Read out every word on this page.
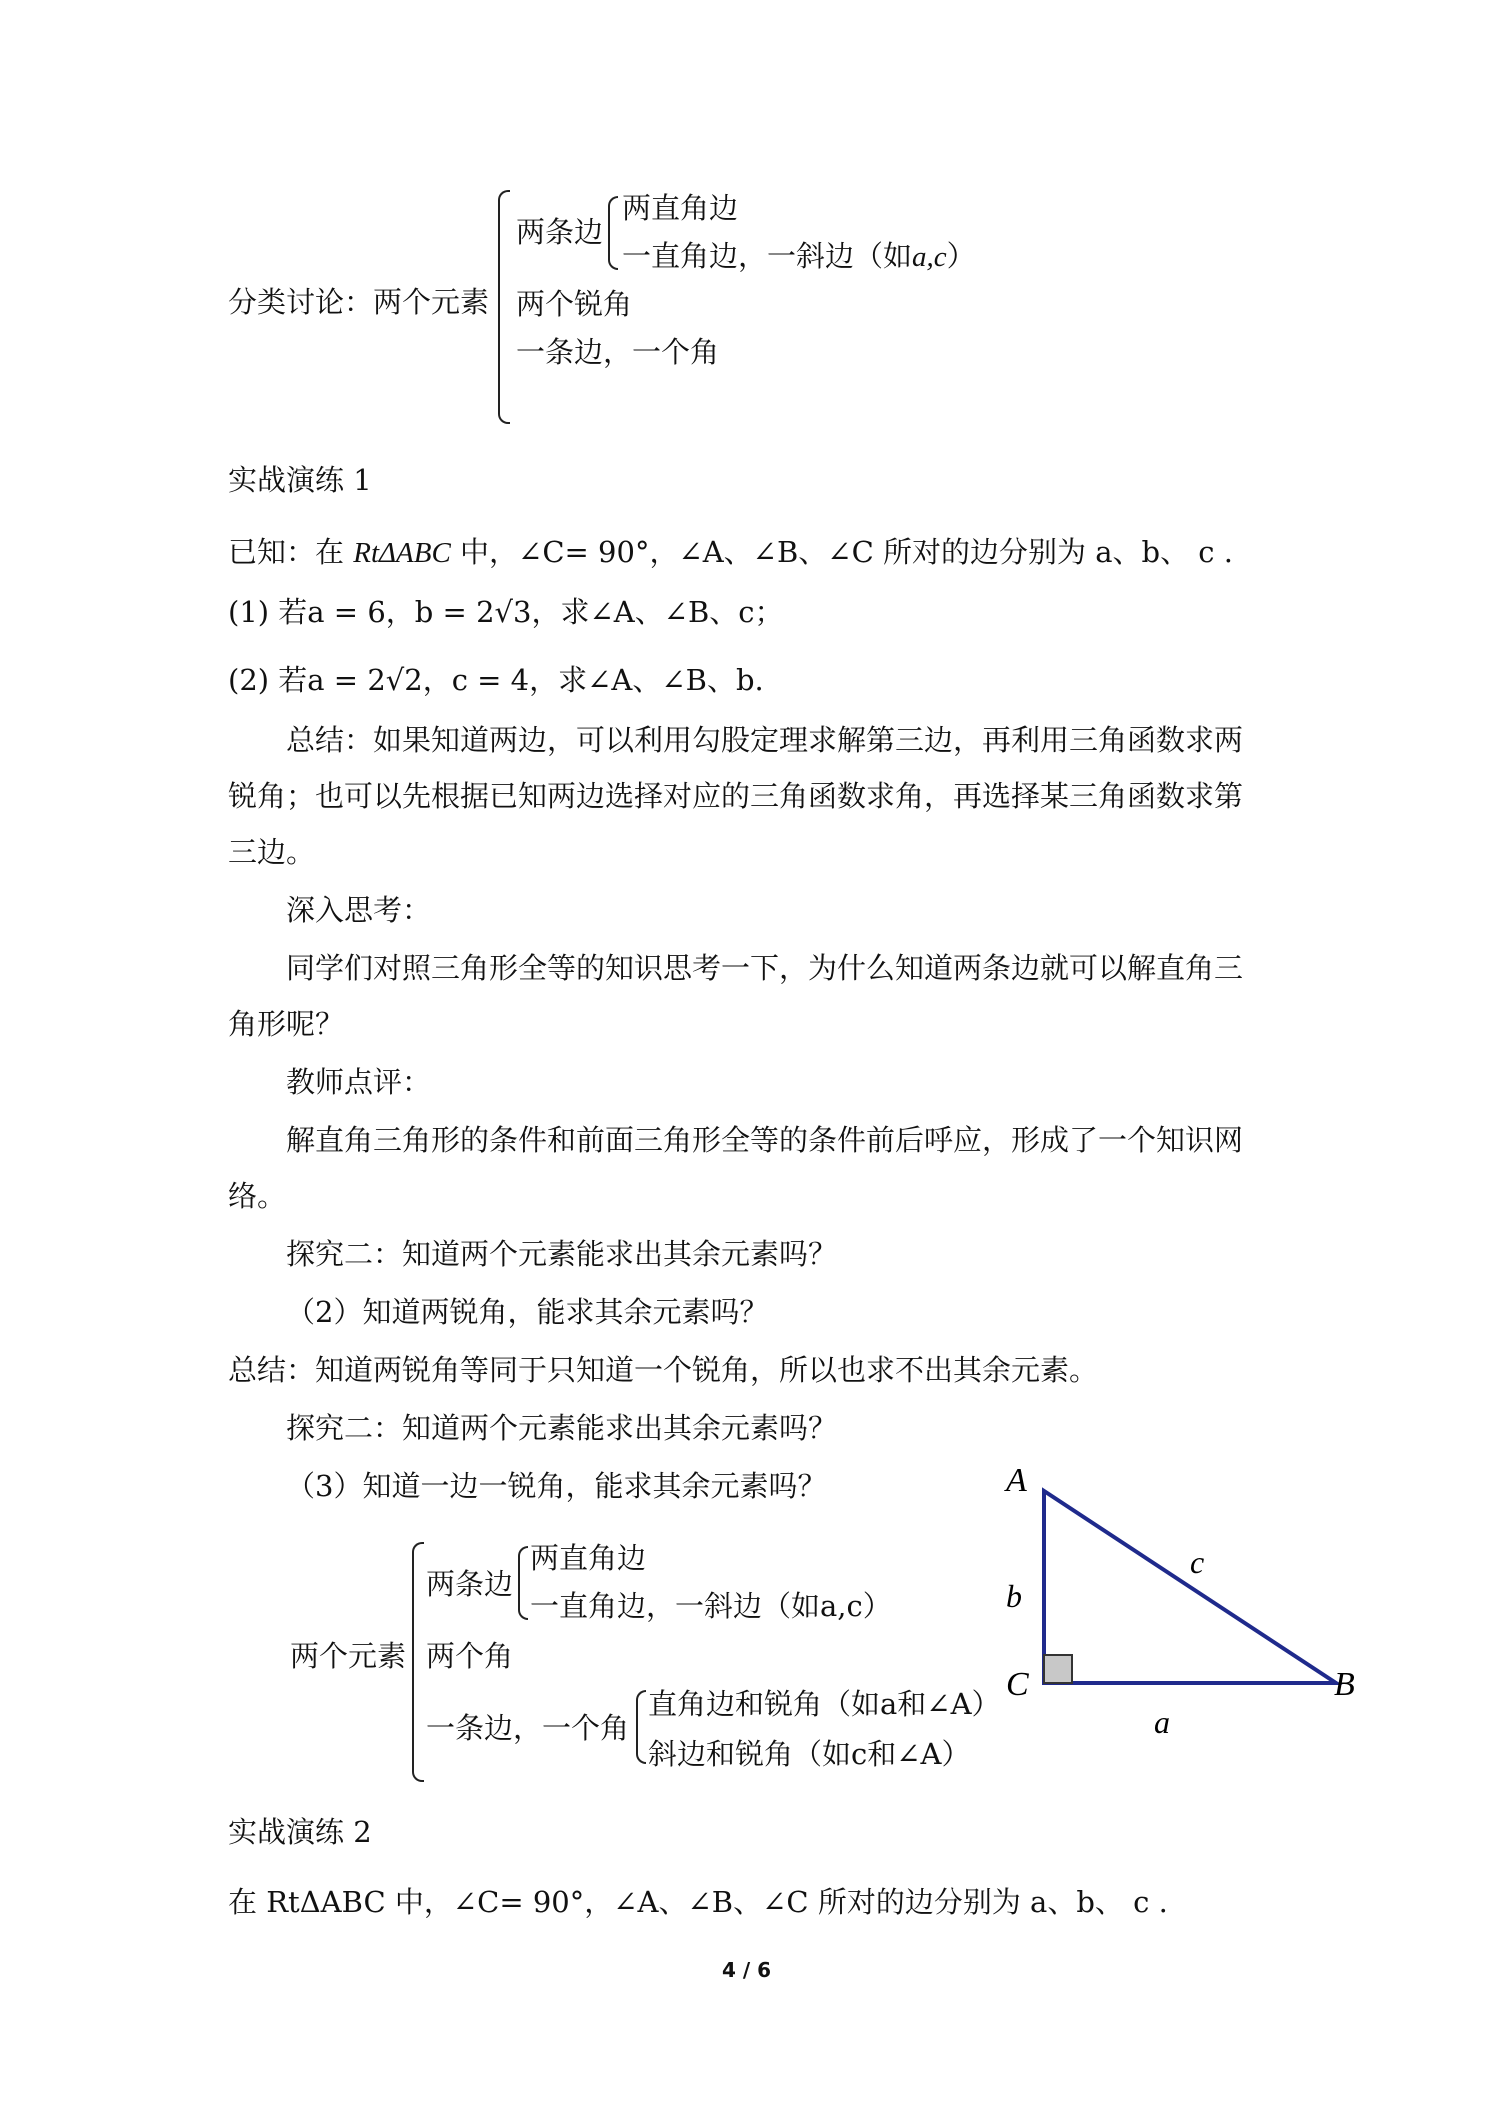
分类讨论：两个元素
两条边
两直角边
一直角边，一斜边（如a,c）
两个锐角
一条边，一个角
实战演练 1
已知：在 RtΔABC 中，∠C= 90°，∠A、∠B、∠C 所对的边分别为 a、b、 c .
(1) 若a = 6，b = 2√3，求∠A、∠B、c；
(2) 若a = 2√2，c = 4，求∠A、∠B、b.
总结：如果知道两边，可以利用勾股定理求解第三边，再利用三角函数求两
锐角；也可以先根据已知两边选择对应的三角函数求角，再选择某三角函数求第
三边。
深入思考：
同学们对照三角形全等的知识思考一下，为什么知道两条边就可以解直角三
角形呢？
教师点评：
解直角三角形的条件和前面三角形全等的条件前后呼应，形成了一个知识网
络。
探究二：知道两个元素能求出其余元素吗？
（2）知道两锐角，能求其余元素吗？
总结：知道两锐角等同于只知道一个锐角，所以也求不出其余元素。
探究二：知道两个元素能求出其余元素吗？
（3）知道一边一锐角，能求其余元素吗？
两个元素
两条边
两直角边
一直角边，一斜边（如a,c）
两个角
一条边，一个角
直角边和锐角（如a和∠A）
斜边和锐角（如c和∠A）
A
C	B
b
c
a
实战演练 2
在 RtΔABC 中，∠C= 90°，∠A、∠B、∠C 所对的边分别为 a、b、 c .
4 / 6
